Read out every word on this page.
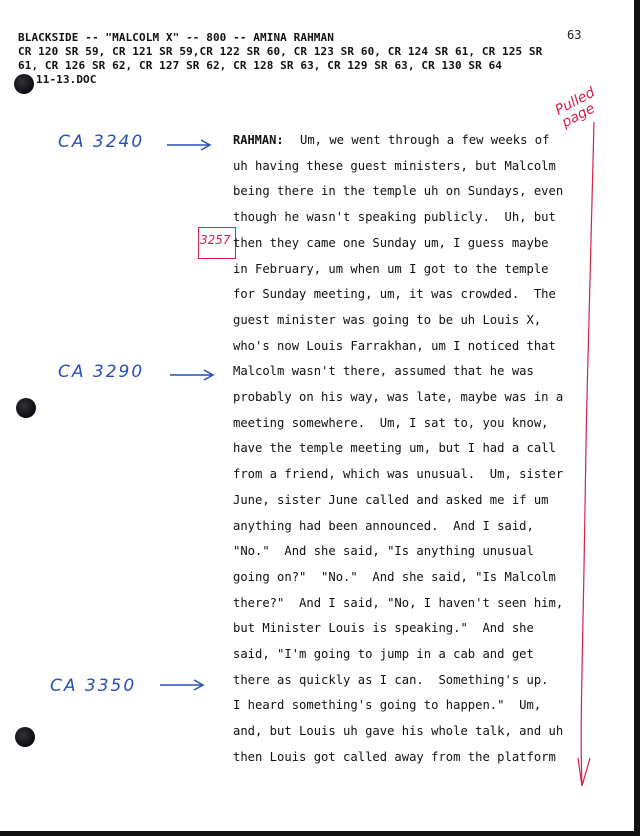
BLACKSIDE -- "MALCOLM X" -- 800 -- AMINA RAHMAN	63
CR 120 SR 59, CR 121 SR 59,CR 122 SR 60, CR 123 SR 60, CR 124 SR 61, CR 125 SR
61, CR 126 SR 62, CR 127 SR 62, CR 128 SR 63, CR 129 SR 63, CR 130 SR 64
11-13.DOC
CA 3240
CA 3290
CA 3350
3257
Pulled page
RAHMAN: Um, we went through a few weeks of
uh having these guest ministers, but Malcolm
being there in the temple uh on Sundays, even
though he wasn't speaking publicly.  Uh, but
then they came one Sunday um, I guess maybe
in February, um when um I got to the temple
for Sunday meeting, um, it was crowded.  The
guest minister was going to be uh Louis X,
who's now Louis Farrakhan, um I noticed that
Malcolm wasn't there, assumed that he was
probably on his way, was late, maybe was in a
meeting somewhere.  Um, I sat to, you know,
have the temple meeting um, but I had a call
from a friend, which was unusual.  Um, sister
June, sister June called and asked me if um
anything had been announced.  And I said,
"No."  And she said, "Is anything unusual
going on?"  "No."  And she said, "Is Malcolm
there?"  And I said, "No, I haven't seen him,
but Minister Louis is speaking."  And she
said, "I'm going to jump in a cab and get
there as quickly as I can.  Something's up.
I heard something's going to happen."  Um,
and, but Louis uh gave his whole talk, and uh
then Louis got called away from the platform
